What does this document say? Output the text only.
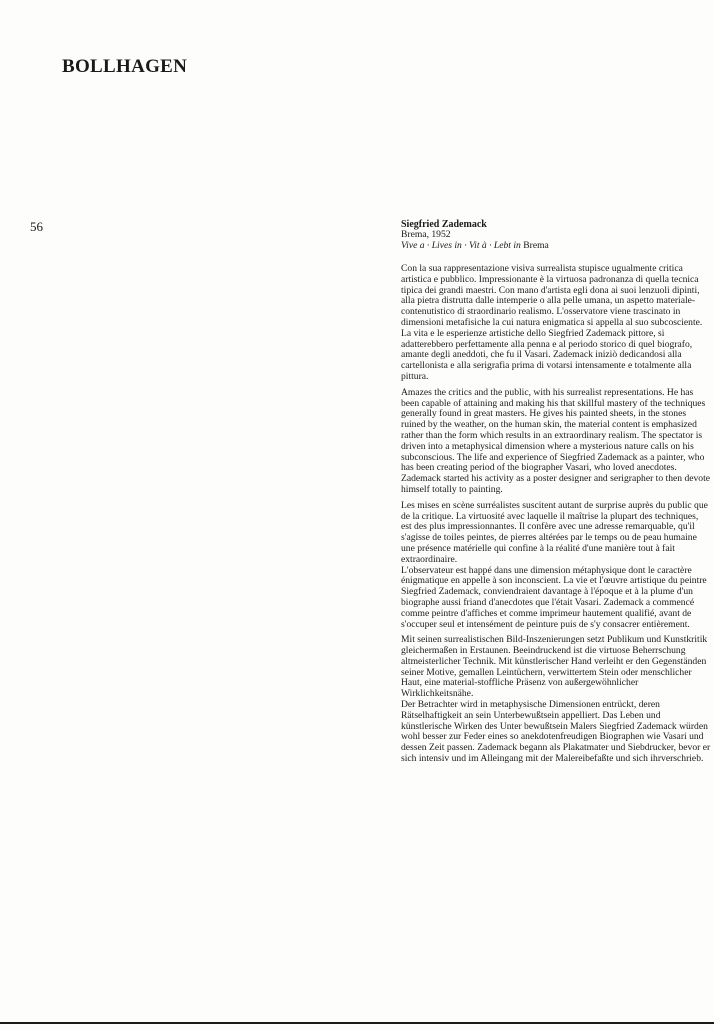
BOLLHAGEN
56	Siegfried Zademack

Brema, 1952

Vive a · Lives in · Vit à · Lebt in Brema

Con la sua rappresentazione visiva surrealista stupisce ugualmente critica artistica e pubblico. Impressionante è la virtuosa padronanza di quella tecnica tipica dei grandi maestri. Con mano d'artista egli dona ai suoi lenzuoli dipinti, alla pietra distrutta dalle intemperie o alla pelle umana, un aspetto materiale-contenutistico di straordinario realismo. L'osservatore viene trascinato in dimensioni metafisiche la cui natura enigmatica si appella al suo subcosciente. La vita e le esperienze artistiche dello Siegfried Zademack pittore, si adatterebbero perfettamente alla penna e al periodo storico di quel biografo, amante degli aneddoti, che fu il Vasari. Zademack iniziò dedicandosi alla cartellonista e alla serigrafia prima di votarsi intensamente e totalmente alla pittura.

Amazes the critics and the public, with his surrealist representations. He has been capable of attaining and making his that skillful mastery of the techniques generally found in great masters. He gives his painted sheets, in the stones ruined by the weather, on the human skin, the material content is emphasized rather than the form which results in an extraordinary realism. The spectator is driven into a metaphysical dimension where a mysterious nature calls on his subconscious. The life and experience of Siegfried Zademack as a painter, who has been creating period of the biographer Vasari, who loved anecdotes. Zademack started his activity as a poster designer and serigrapher to then devote himself totally to painting.

Les mises en scène surréalistes suscitent autant de surprise auprès du public que de la critique. La virtuosité avec laquelle il maîtrise la plupart des techniques, est des plus impressionnantes. Il confère avec une adresse remarquable, qu'il s'agisse de toiles peintes, de pierres altérées par le temps ou de peau humaine une présence matérielle qui confine à la réalité d'une manière tout à fait extraordinaire.

L'observateur est happé dans une dimension métaphysique dont le caractère énigmatique en appelle à son inconscient. La vie et l'œuvre artistique du peintre Siegfried Zademack, conviendraient davantage à l'époque et à la plume d'un biographe aussi friand d'anecdotes que l'était Vasari. Zademack a commencé comme peintre d'affiches et comme imprimeur hautement qualifié, avant de s'occuper seul et intensément de peinture puis de s'y consacrer entièrement.

Mit seinen surrealistischen Bild-Inszenierungen setzt Publikum und Kunstkritik gleichermaßen in Erstaunen. Beeindruckend ist die virtuose Beherrschung altmeisterlicher Technik. Mit künstlerischer Hand verleiht er den Gegenständen seiner Motive, gemallen Leintüchern, verwittertem Stein oder menschlicher Haut, eine material-stoffliche Präsenz von außergewöhnlicher Wirklichkeitsnähe.

Der Betrachter wird in metaphysische Dimensionen entrückt, deren Rätselhaftigkeit an sein Unterbewußtsein appelliert. Das Leben und künstlerische Wirken des Unter bewußtsein Malers Siegfried Zademack würden wohl besser zur Feder eines so anekdotenfreudigen Biographen wie Vasari und dessen Zeit passen. Zademack begann als Plakatmater und Siebdrucker, bevor er sich intensiv und im Alleingang mit der Malereibefaßte und sich ihrverschrieb.
